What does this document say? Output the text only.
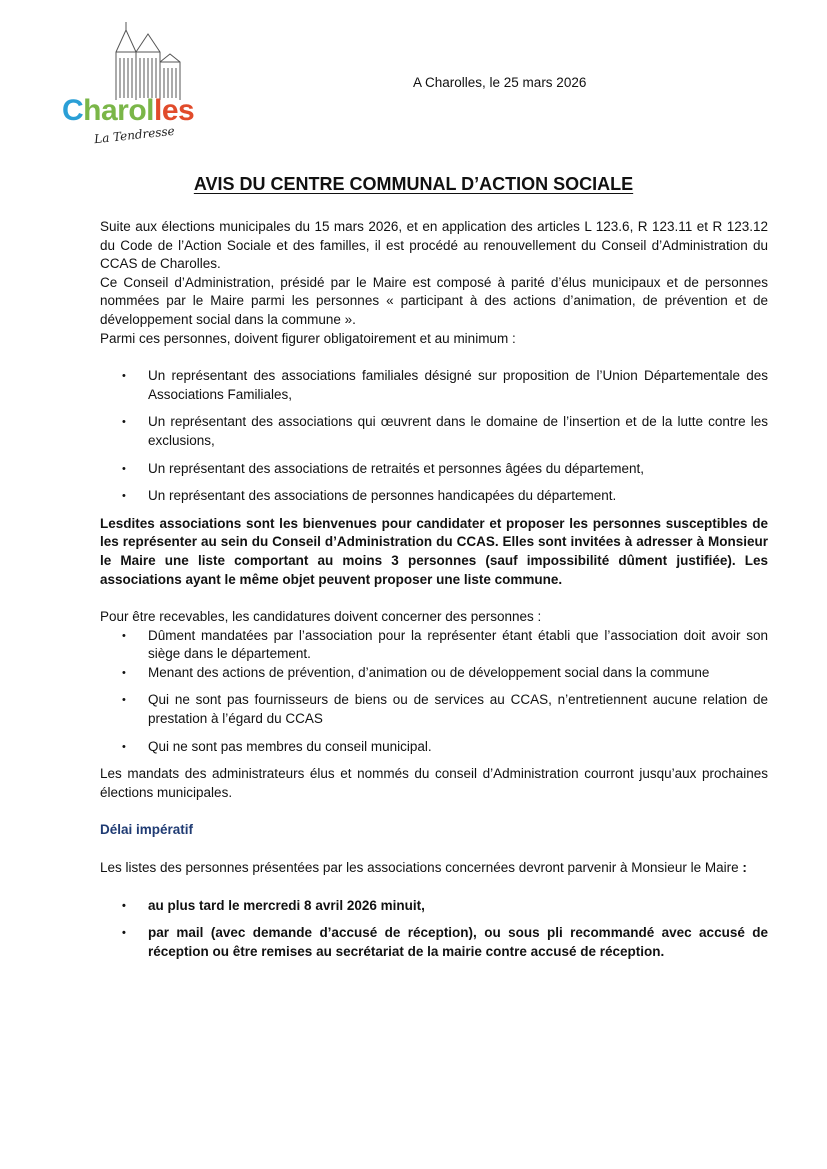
Charolles
La Tendresse
A Charolles, le 25 mars 2026
AVIS DU CENTRE COMMUNAL D’ACTION SOCIALE

Suite aux élections municipales du 15 mars 2026, et en application des articles L 123.6, R 123.11 et R 123.12 du Code de l’Action Sociale et des familles, il est procédé au renouvellement du Conseil d’Administration du CCAS de Charolles.

Ce Conseil d’Administration, présidé par le Maire est composé à parité d’élus municipaux et de personnes nommées par le Maire parmi les personnes « participant à des actions d’animation, de prévention et de développement social dans la commune ».

Parmi ces personnes, doivent figurer obligatoirement et au minimum :

• Un représentant des associations familiales désigné sur proposition de l’Union Départementale des Associations Familiales,
• Un représentant des associations qui œuvrent dans le domaine de l’insertion et de la lutte contre les exclusions,
• Un représentant des associations de retraités et personnes âgées du département,
• Un représentant des associations de personnes handicapées du département.

Lesdites associations sont les bienvenues pour candidater et proposer les personnes susceptibles de les représenter au sein du Conseil d’Administration du CCAS. Elles sont invitées à adresser à Monsieur le Maire une liste comportant au moins 3 personnes (sauf impossibilité dûment justifiée). Les associations ayant le même objet peuvent proposer une liste commune.

Pour être recevables, les candidatures doivent concerner des personnes :

• Dûment mandatées par l’association pour la représenter étant établi que l’association doit avoir son siège dans le département.
• Menant des actions de prévention, d’animation ou de développement social dans la commune
• Qui ne sont pas fournisseurs de biens ou de services au CCAS, n’entretiennent aucune relation de prestation à l’égard du CCAS
• Qui ne sont pas membres du conseil municipal.

Les mandats des administrateurs élus et nommés du conseil d’Administration courront jusqu’aux prochaines élections municipales.

Délai impératif

Les listes des personnes présentées par les associations concernées devront parvenir à Monsieur le Maire :

• au plus tard le mercredi 8 avril 2026 minuit,
• par mail (avec demande d’accusé de réception), ou sous pli recommandé avec accusé de réception ou être remises au secrétariat de la mairie contre accusé de réception.
